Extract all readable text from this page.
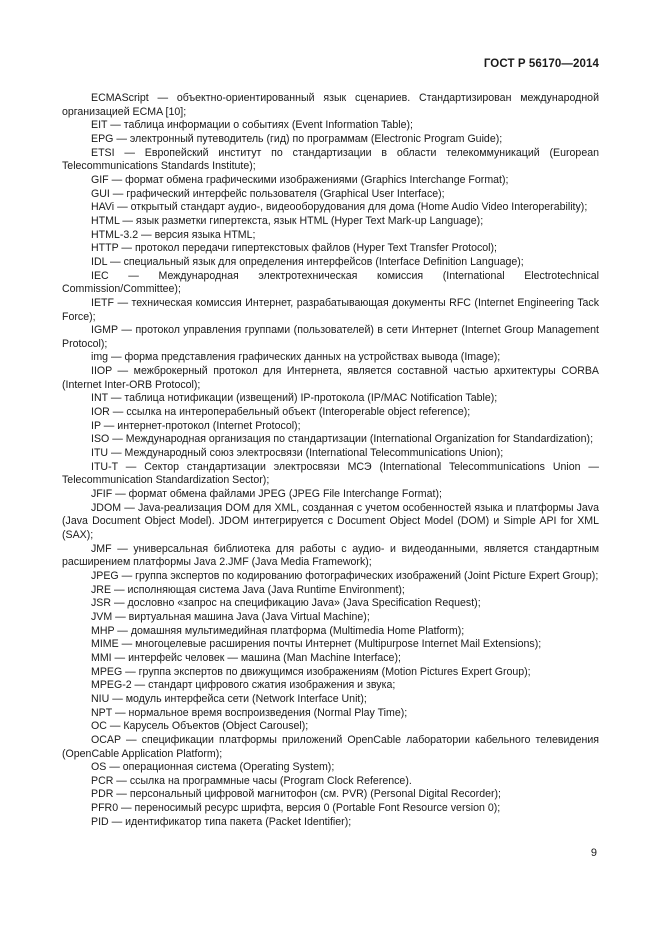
ГОСТ Р 56170—2014

ECMAScript — объектно-ориентированный язык сценариев. Стандартизирован международной организацией ECMA [10];

EIT — таблица информации о событиях (Event Information Table);

EPG — электронный путеводитель (гид) по программам (Electronic Program Guide);

ETSI — Европейский институт по стандартизации в области телекоммуникаций (European Telecommunications Standards Institute);

GIF — формат обмена графическими изображениями (Graphics Interchange Format);

GUI — графический интерфейс пользователя (Graphical User Interface);

HAVi — открытый стандарт аудио-, видеооборудования для дома (Home Audio Video Interoperability);

HTML — язык разметки гипертекста, язык HTML (Hyper Text Mark-up Language);

HTML-3.2 — версия языка HTML;

HTTP — протокол передачи гипертекстовых файлов (Hyper Text Transfer Protocol);

IDL — специальный язык для определения интерфейсов (Interface Definition Language);

IEC — Международная электротехническая комиссия (International Electrotechnical Commission/Committee);

IETF — техническая комиссия Интернет, разрабатывающая документы RFC (Internet Engineering Tack Force);

IGMP — протокол управления группами (пользователей) в сети Интернет (Internet Group Management Protocol);

img — форма представления графических данных на устройствах вывода (Image);

IIOP — межброкерный протокол для Интернета, является составной частью архитектуры CORBA (Internet Inter-ORB Protocol);

INT — таблица нотификации (извещений) IP-протокола (IP/MAC Notification Table);

IOR — ссылка на интероперабельный объект (Interoperable object reference);

IP — интернет-протокол (Internet Protocol);

ISO — Международная организация по стандартизации (International Organization for Standardization);

ITU — Международный союз электросвязи (International Telecommunications Union);

ITU-T — Сектор стандартизации электросвязи МСЭ (International Telecommunications Union — Telecommunication Standardization Sector);

JFIF — формат обмена файлами JPEG (JPEG File Interchange Format);

JDOM — Java-реализация DOM для XML, созданная с учетом особенностей языка и платформы Java (Java Document Object Model). JDOM интегрируется с Document Object Model (DOM) и Simple API for XML (SAX);

JMF — универсальная библиотека для работы с аудио- и видеоданными, является стандартным расширением платформы Java 2.JMF (Java Media Framework);

JPEG — группа экспертов по кодированию фотографических изображений (Joint Picture Expert Group);

JRE — исполняющая система Java (Java Runtime Environment);

JSR — дословно «запрос на спецификацию Java» (Java Specification Request);

JVM — виртуальная машина Java (Java Virtual Machine);

MHP — домашняя мультимедийная платформа (Multimedia Home Platform);

MIME — многоцелевые расширения почты Интернет (Multipurpose Internet Mail Extensions);

MMI — интерфейс человек — машина (Man Machine Interface);

MPEG — группа экспертов по движущимся изображениям (Motion Pictures Expert Group);

MPEG-2 — стандарт цифрового сжатия изображения и звука;

NIU — модуль интерфейса сети (Network Interface Unit);

NPT — нормальное время воспроизведения (Normal Play Time);

OC — Карусель Объектов (Object Carousel);

OCAP — спецификации платформы приложений OpenCable лаборатории кабельного телевидения (OpenCable Application Platform);

OS — операционная система (Operating System);

PCR — ссылка на программные часы (Program Clock Reference).

PDR — персональный цифровой магнитофон (см. PVR) (Personal Digital Recorder);

PFR0 — переносимый ресурс шрифта, версия 0 (Portable Font Resource version 0);

PID — идентификатор типа пакета (Packet Identifier);

9
